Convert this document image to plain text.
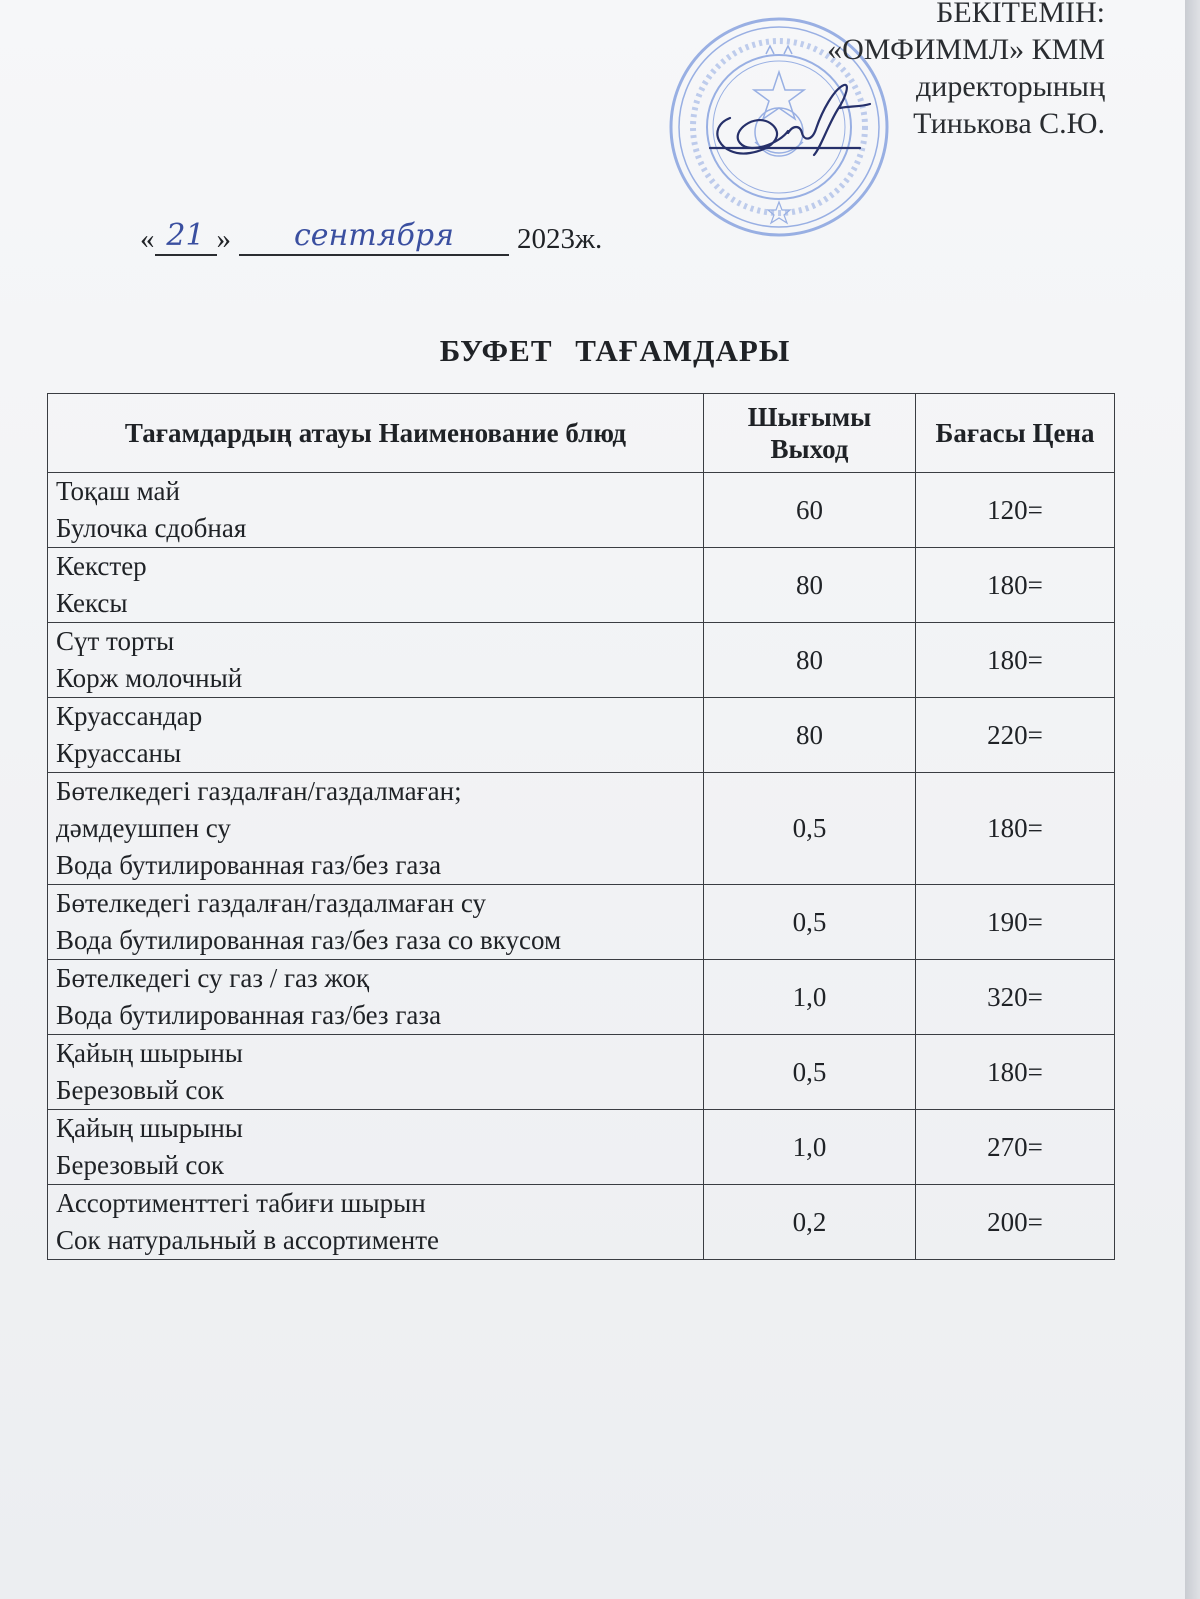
БЕКІТЕМІН:
«ОМФИММЛ» КММ
директорының
Тинькова С.Ю.
« 21 »	сентября	2023ж.
БУФЕТ ТАҒАМДАРЫ
Тағамдардың атауы Наименование блюд	Шығымы Выход	Бағасы Цена

Тоқаш май
Булочка сдобная	60	120=

Кекстер
Кексы	80	180=

Сүт торты
Корж молочный	80	180=

Круассандар
Круассаны	80	220=

Бөтелкедегі газдалған/газдалмаған;
дәмдеушпен су
Вода бутилированная газ/без газа	0,5	180=

Бөтелкедегі газдалған/газдалмаған су
Вода бутилированная газ/без газа со вкусом	0,5	190=

Бөтелкедегі су газ / газ жоқ
Вода бутилированная газ/без газа	1,0	320=

Қайың шырыны
Березовый сок	0,5	180=

Қайың шырыны
Березовый сок	1,0	270=

Ассортименттегі табиғи шырын
Сок натуральный в ассортименте	0,2	200=
